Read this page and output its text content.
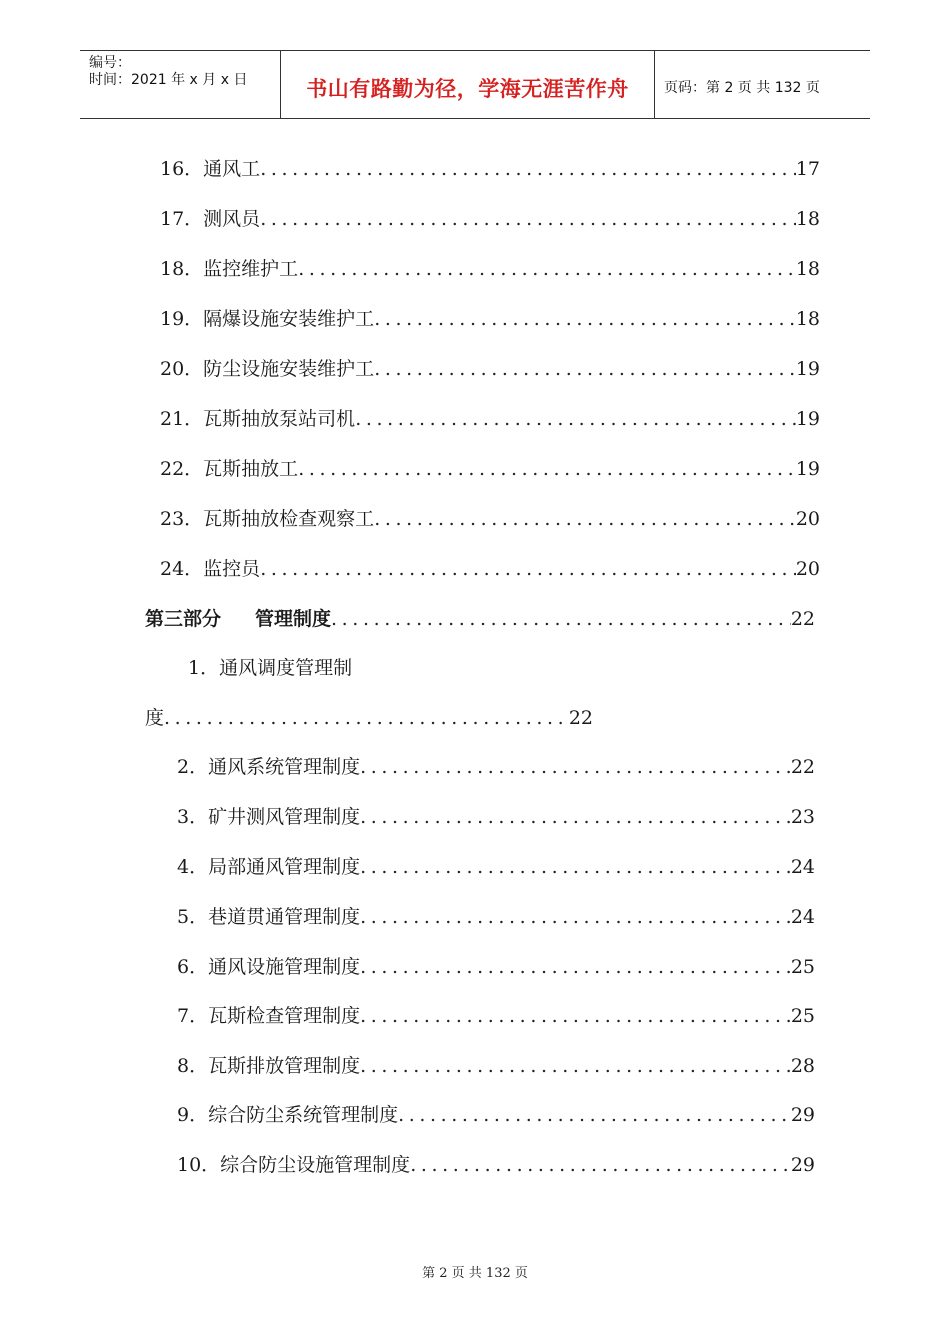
编号：
时间：2021 年 x 月 x 日	书山有路勤为径，学海无涯苦作舟	页码：第 2 页 共 132 页
16．通风工 .....	17
17．测风员 .....	18
18．监控维护工 .....	18
19．隔爆设施安装维护工 .....	18
20．防尘设施安装维护工 .....	19
21．瓦斯抽放泵站司机 .....	19
22．瓦斯抽放工 .....	19
23．瓦斯抽放检查观察工 .....	20
24．监控员 .....	20
第三部分 管理制度 .....	22
1．通风调度管理制
度 .....	22
2．通风系统管理制度 .....	22
3．矿井测风管理制度 .....	23
4．局部通风管理制度 .....	24
5．巷道贯通管理制度 .....	24
6．通风设施管理制度 .....	25
7．瓦斯检查管理制度 .....	25
8．瓦斯排放管理制度 .....	28
9．综合防尘系统管理制度 .....	29
10．综合防尘设施管理制度 .....	29
第 2 页 共 132 页
